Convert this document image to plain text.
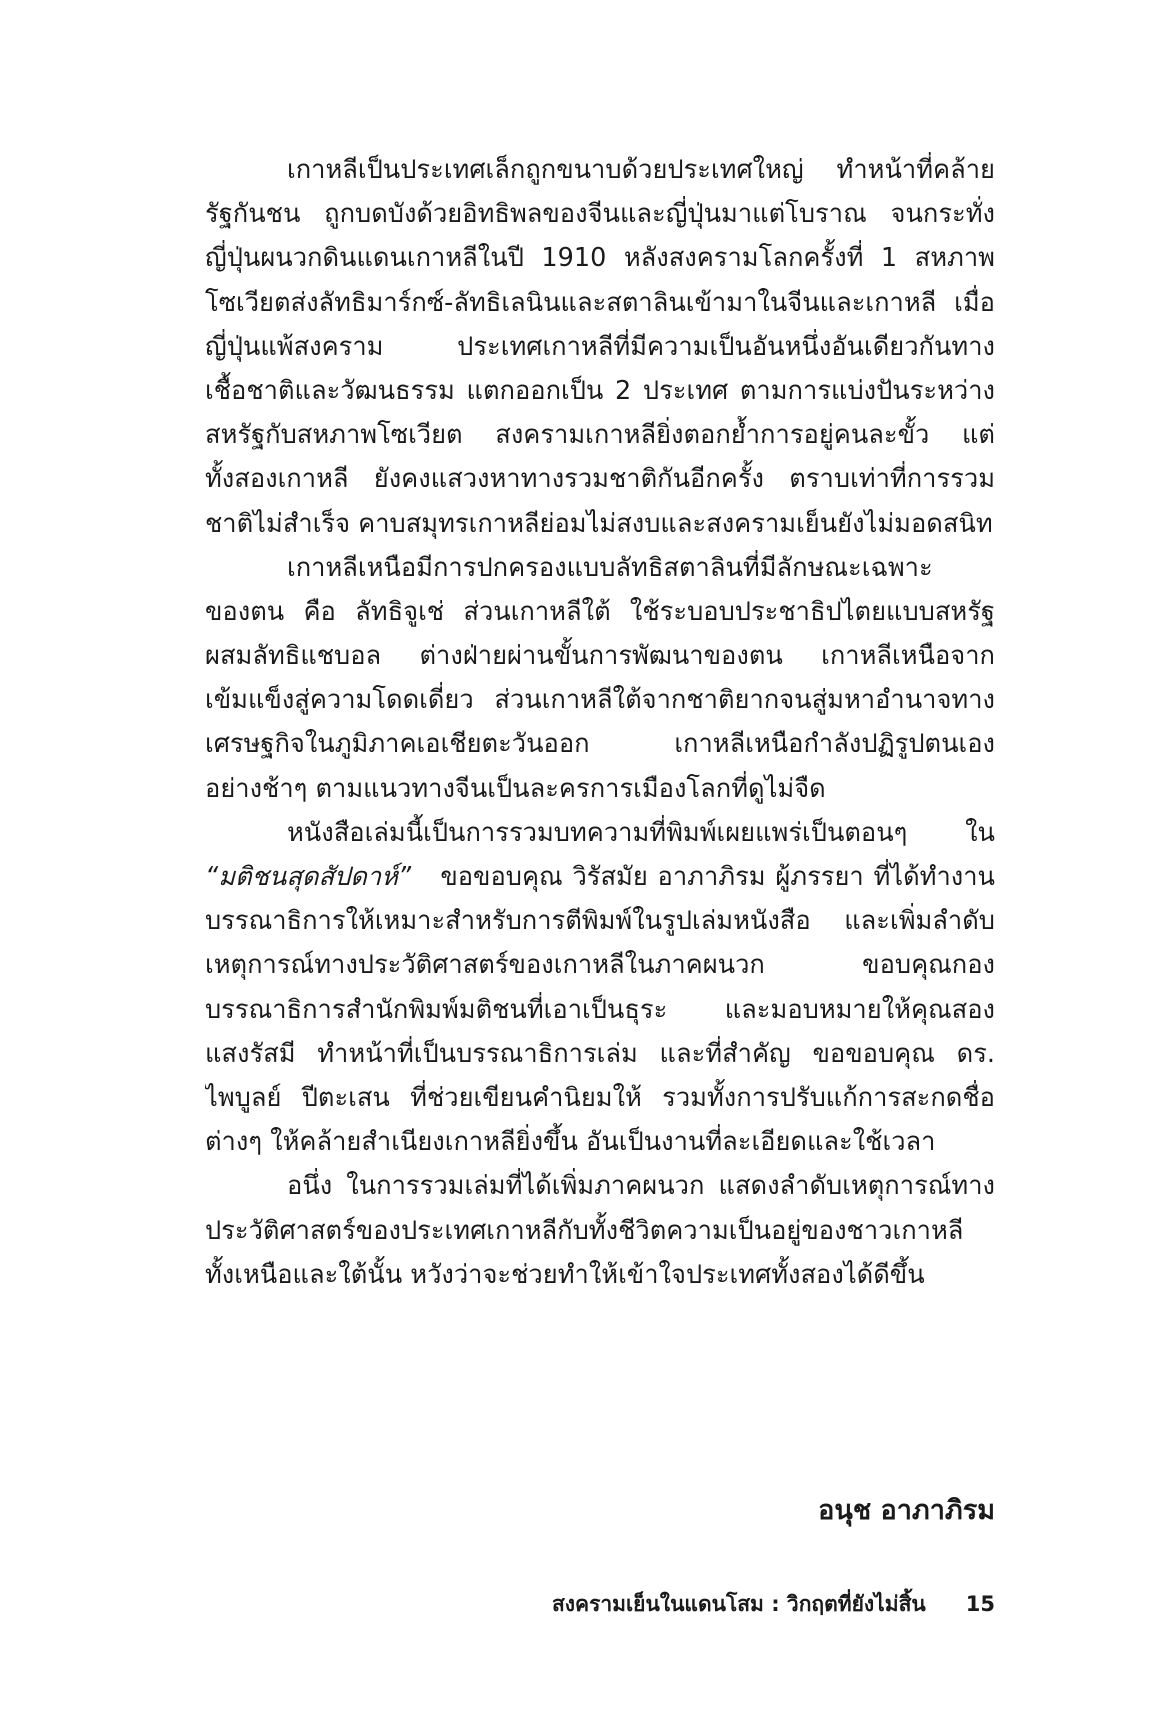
เกาหลีเป็นประเทศเล็กถูกขนาบด้วยประเทศใหญ่ ทำหน้าที่คล้าย
รัฐกันชน ถูกบดบังด้วยอิทธิพลของจีนและญี่ปุ่นมาแต่โบราณ จนกระทั่ง
ญี่ปุ่นผนวกดินแดนเกาหลีในปี 1910 หลังสงครามโลกครั้งที่ 1 สหภาพ
โซเวียตส่งลัทธิมาร์กซ์-ลัทธิเลนินและสตาลินเข้ามาในจีนและเกาหลี เมื่อ
ญี่ปุ่นแพ้สงคราม ประเทศเกาหลีที่มีความเป็นอันหนึ่งอันเดียวกันทาง
เชื้อชาติและวัฒนธรรม แตกออกเป็น 2 ประเทศ ตามการแบ่งปันระหว่าง
สหรัฐกับสหภาพโซเวียต สงครามเกาหลียิ่งตอกย้ำการอยู่คนละขั้ว แต่
ทั้งสองเกาหลี ยังคงแสวงหาทางรวมชาติกันอีกครั้ง ตราบเท่าที่การรวม
ชาติไม่สำเร็จ คาบสมุทรเกาหลีย่อมไม่สงบและสงครามเย็นยังไม่มอดสนิท
เกาหลีเหนือมีการปกครองแบบลัทธิสตาลินที่มีลักษณะเฉพาะ
ของตน คือ ลัทธิจูเช่ ส่วนเกาหลีใต้ ใช้ระบอบประชาธิปไตยแบบสหรัฐ
ผสมลัทธิแชบอล ต่างฝ่ายผ่านขั้นการพัฒนาของตน เกาหลีเหนือจาก
เข้มแข็งสู่ความโดดเดี่ยว ส่วนเกาหลีใต้จากชาติยากจนสู่มหาอำนาจทาง
เศรษฐกิจในภูมิภาคเอเชียตะวันออก เกาหลีเหนือกำลังปฏิรูปตนเอง
อย่างช้าๆ ตามแนวทางจีนเป็นละครการเมืองโลกที่ดูไม่จืด
หนังสือเล่มนี้เป็นการรวมบทความที่พิมพ์เผยแพร่เป็นตอนๆ ใน
“มติชนสุดสัปดาห์” ขอขอบคุณ วิรัสมัย อาภาภิรม ผู้ภรรยา ที่ได้ทำงาน
บรรณาธิการให้เหมาะสำหรับการตีพิมพ์ในรูปเล่มหนังสือ และเพิ่มลำดับ
เหตุการณ์ทางประวัติศาสตร์ของเกาหลีในภาคผนวก ขอบคุณกอง
บรรณาธิการสำนักพิมพ์มติชนที่เอาเป็นธุระ และมอบหมายให้คุณสอง
แสงรัสมี ทำหน้าที่เป็นบรรณาธิการเล่ม และที่สำคัญ ขอขอบคุณ ดร.
ไพบูลย์ ปีตะเสน ที่ช่วยเขียนคำนิยมให้ รวมทั้งการปรับแก้การสะกดชื่อ
ต่างๆ ให้คล้ายสำเนียงเกาหลียิ่งขึ้น อันเป็นงานที่ละเอียดและใช้เวลา
อนึ่ง ในการรวมเล่มที่ได้เพิ่มภาคผนวก แสดงลำดับเหตุการณ์ทาง
ประวัติศาสตร์ของประเทศเกาหลีกับทั้งชีวิตความเป็นอยู่ของชาวเกาหลี
ทั้งเหนือและใต้นั้น หวังว่าจะช่วยทำให้เข้าใจประเทศทั้งสองได้ดีขึ้น
อนุช อาภาภิรม
สงครามเย็นในแดนโสม : วิกฤตที่ยังไม่สิ้น 15
